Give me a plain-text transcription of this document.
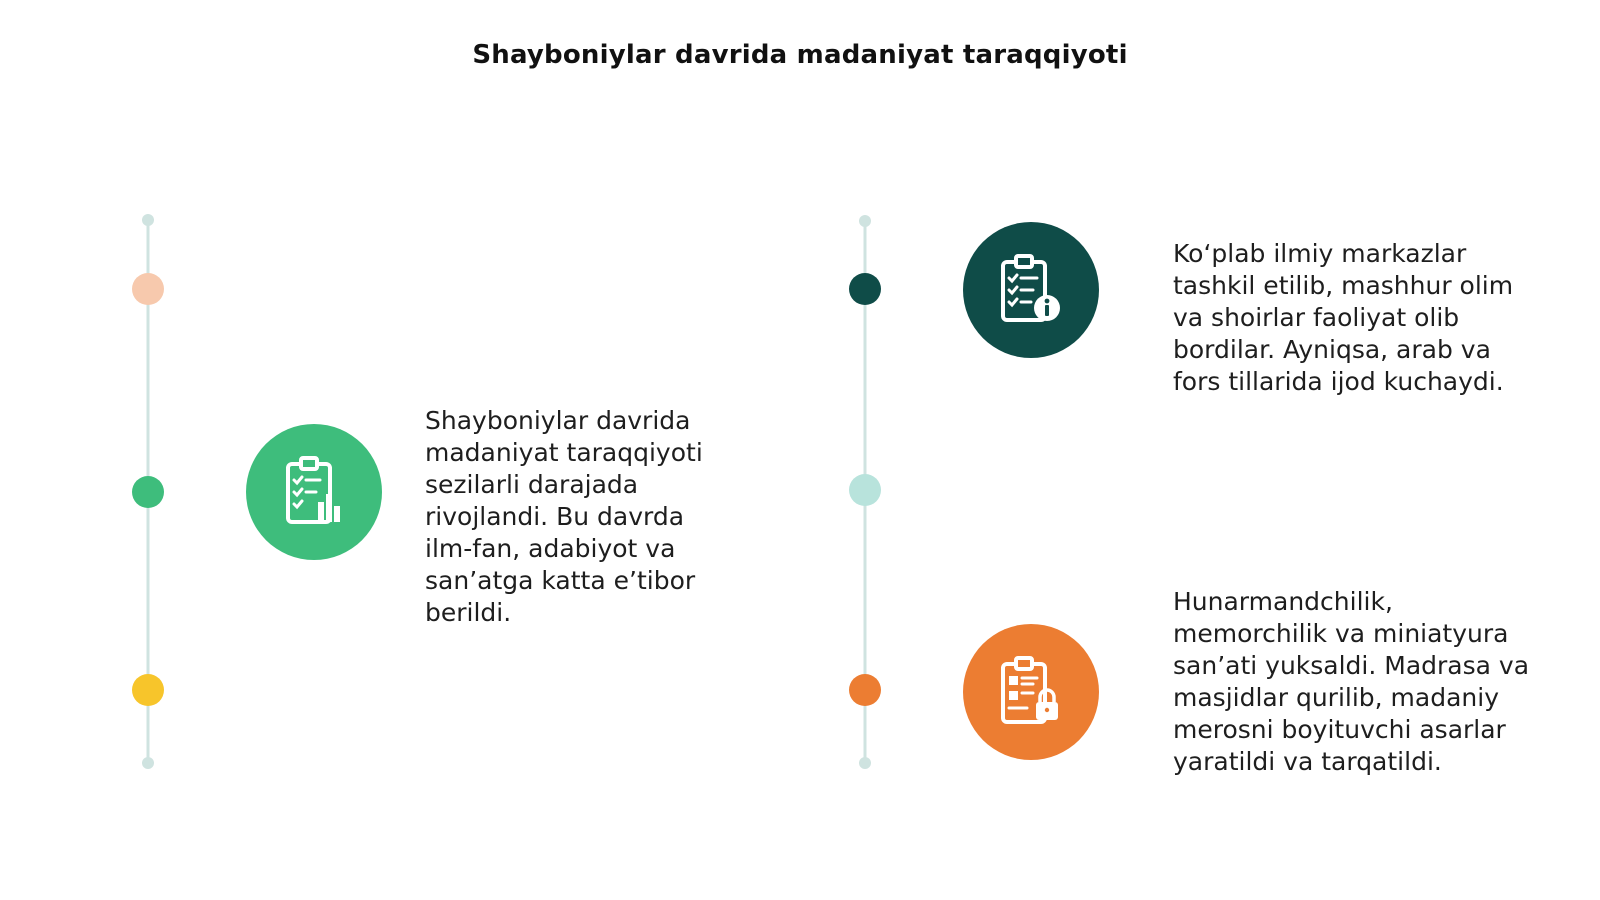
Shayboniylar davrida madaniyat taraqqiyoti
Shayboniylar davrida
madaniyat taraqqiyoti
sezilarli darajada
rivojlandi. Bu davrda
ilm-fan, adabiyot va
san’atga katta e’tibor
berildi.
Ko‘plab ilmiy markazlar
tashkil etilib, mashhur olim
va shoirlar faoliyat olib
bordilar. Ayniqsa, arab va
fors tillarida ijod kuchaydi.
Hunarmandchilik,
memorchilik va miniatyura
san’ati yuksaldi. Madrasa va
masjidlar qurilib, madaniy
merosni boyituvchi asarlar
yaratildi va tarqatildi.
